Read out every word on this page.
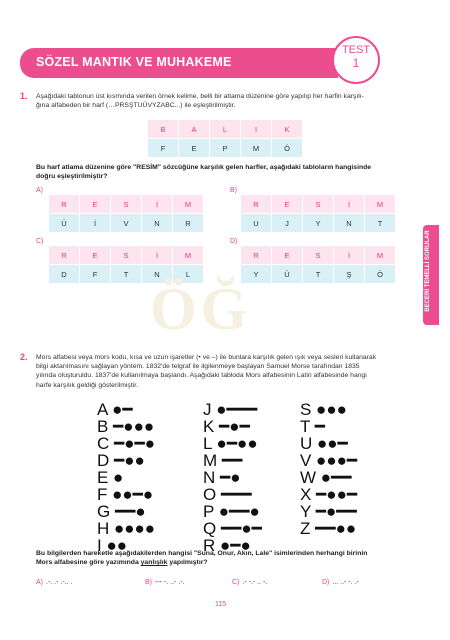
SÖZEL MANTIK VE MUHAKEME
TEST
1
1. Aşağıdaki tablonun üst kısmında verilen örnek kelime, belli bir atlama düzenine göre yapılıp her harfin karşılı-
ğına alfabeden bir harf (…PRSŞTUÜVYZABC...) ile eşleştirilmiştir.
B	A	L	I	K
F	E	P	M	Ö
Bu harf atlama düzenine göre "RESİM" sözcüğüne karşılık gelen harfler, aşağıdaki tabloların hangisinde
doğru eşleştirilmiştir?
A)
R	E	S	İ	M
Ü	İ	V	N	R
B)
R	E	S	İ	M
U	J	Y	N	T
C)
R	E	S	İ	M
D	F	T	N	L
D)
R	E	S	İ	M
Y	Ü	T	Ş	Ö
ÖĞ	BECERİ TEMELLİ SORULAR
2. Mors alfabesi veya mors kodu, kısa ve uzun işaretler (• ve –) ile bunlara karşılık gelen ışık veya sesleri kullanarak
bilgi aktarılmasını sağlayan yöntem. 1832'de telgraf ile ilgilenmeye başlayan Samuel Morse tarafından 1835
yılında oluşturuldu. 1837'de kullanılmaya başlandı. Aşağıdaki tabloda Mors alfabesinin Latin alfabesinde hangi
harfe karşılık geldiği gösterilmiştir.
A ●━
B ━●●●
C ━●━●
D ━●●
E ●
F ●●━●
G ━━●
H ●●●●
I ●●
J ●━━━
K ━●━
L ●━●●
M ━━
N ━●
O ━━━
P ●━━●
Q ━━●━
R ●━●
S ●●●
T ━
U ●●━
V ●●●━
W ●━━
X ━●●━
Y ━●━━
Z ━━●●
Bu bilgilerden hareketle aşağıdakilerden hangisi "Suna, Onur, Akın, Lale" isimlerinden herhangi birinin
Mors alfabesine göre yazımında yanlışlık yapılmıştır?
A) .-. .- .-.. .	B) --- -. ..- .-.	C) .- -.- .. -.	D) ... ..- -. .-
115
